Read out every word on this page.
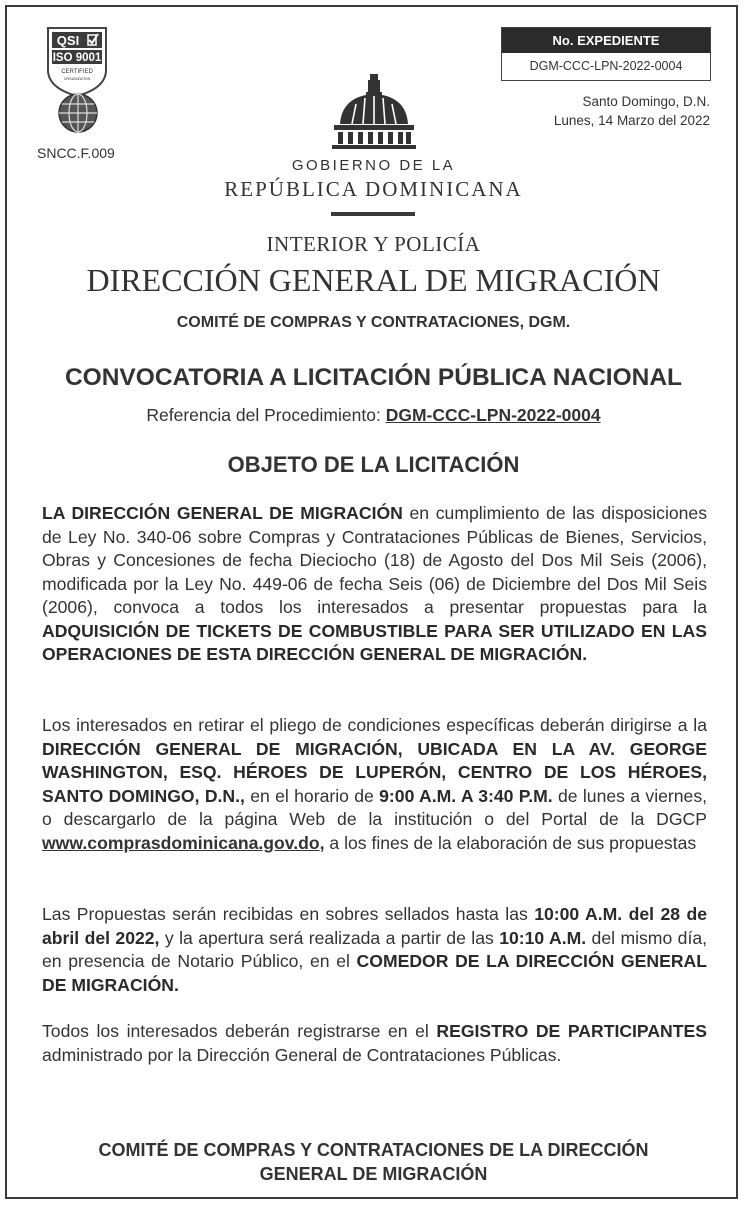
QSI
ISO 9001
CERTIFIED
ORGANIZATION
SNCC.F.009
No. EXPEDIENTE
DGM-CCC-LPN-2022-0004
Santo Domingo, D.N.
Lunes, 14 Marzo del 2022
GOBIERNO DE LA
REPÚBLICA DOMINICANA
INTERIOR Y POLICÍA
DIRECCIÓN GENERAL DE MIGRACIÓN
COMITÉ DE COMPRAS Y CONTRATACIONES, DGM.
CONVOCATORIA A LICITACIÓN PÚBLICA NACIONAL
Referencia del Procedimiento: DGM-CCC-LPN-2022-0004
OBJETO DE LA LICITACIÓN
LA DIRECCIÓN GENERAL DE MIGRACIÓN en cumplimiento de las disposiciones de Ley No. 340-06 sobre Compras y Contrataciones Públicas de Bienes, Servicios, Obras y Concesiones de fecha Dieciocho (18) de Agosto del Dos Mil Seis (2006), modificada por la Ley No. 449-06 de fecha Seis (06) de Diciembre del Dos Mil Seis (2006), convoca a todos los interesados a presentar propuestas para la ADQUISICIÓN DE TICKETS DE COMBUSTIBLE PARA SER UTILIZADO EN LAS OPERACIONES DE ESTA DIRECCIÓN GENERAL DE MIGRACIÓN.
Los interesados en retirar el pliego de condiciones específicas deberán dirigirse a la DIRECCIÓN GENERAL DE MIGRACIÓN, UBICADA EN LA AV. GEORGE WASHINGTON, ESQ. HÉROES DE LUPERÓN, CENTRO DE LOS HÉROES, SANTO DOMINGO, D.N., en el horario de 9:00 A.M. A 3:40 P.M. de lunes a viernes, o descargarlo de la página Web de la institución o del Portal de la DGCP www.comprasdominicana.gov.do, a los fines de la elaboración de sus propuestas
Las Propuestas serán recibidas en sobres sellados hasta las 10:00 A.M. del 28 de abril del 2022, y la apertura será realizada a partir de las 10:10 A.M. del mismo día, en presencia de Notario Público, en el COMEDOR DE LA DIRECCIÓN GENERAL DE MIGRACIÓN.
Todos los interesados deberán registrarse en el REGISTRO DE PARTICIPANTES administrado por la Dirección General de Contrataciones Públicas.
COMITÉ DE COMPRAS Y CONTRATACIONES DE LA DIRECCIÓN
GENERAL DE MIGRACIÓN
